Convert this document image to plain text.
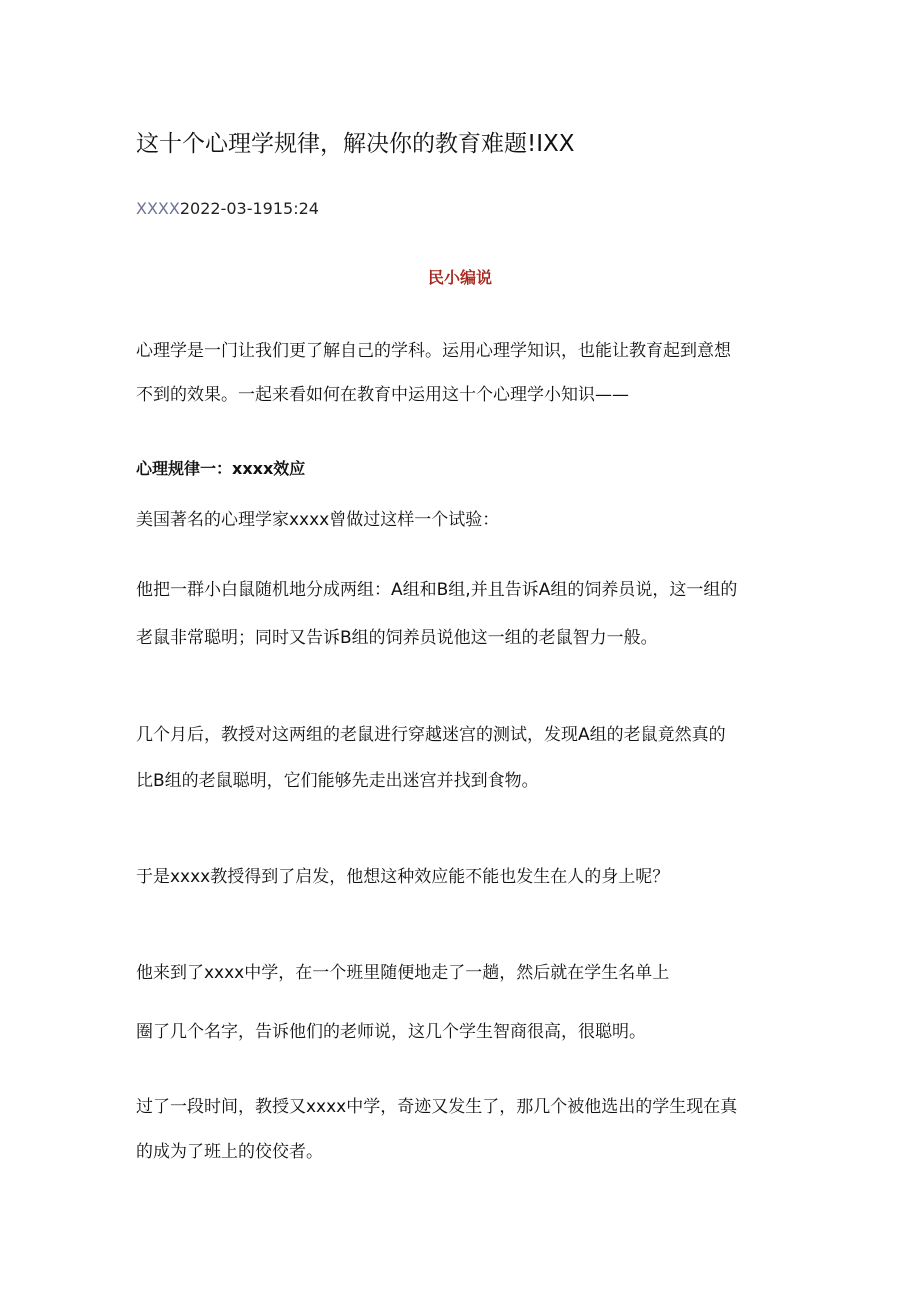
这十个心理学规律，解决你的教育难题!IXX
XXXX2022-03-1915:24
民小编说
心理学是一门让我们更了解自己的学科。运用心理学知识，也能让教育起到意想
不到的效果。一起来看如何在教育中运用这十个心理学小知识——
心理规律一：xxxx效应
美国著名的心理学家xxxx曾做过这样一个试验：
他把一群小白鼠随机地分成两组：A组和B组,并且告诉A组的饲养员说，这一组的
老鼠非常聪明；同时又告诉B组的饲养员说他这一组的老鼠智力一般。
几个月后，教授对这两组的老鼠进行穿越迷宫的测试，发现A组的老鼠竟然真的
比B组的老鼠聪明，它们能够先走出迷宫并找到食物。
于是xxxx教授得到了启发，他想这种效应能不能也发生在人的身上呢？
他来到了xxxx中学，在一个班里随便地走了一趟，然后就在学生名单上
圈了几个名字，告诉他们的老师说，这几个学生智商很高，很聪明。
过了一段时间，教授又xxxx中学，奇迹又发生了，那几个被他选出的学生现在真
的成为了班上的佼佼者。
